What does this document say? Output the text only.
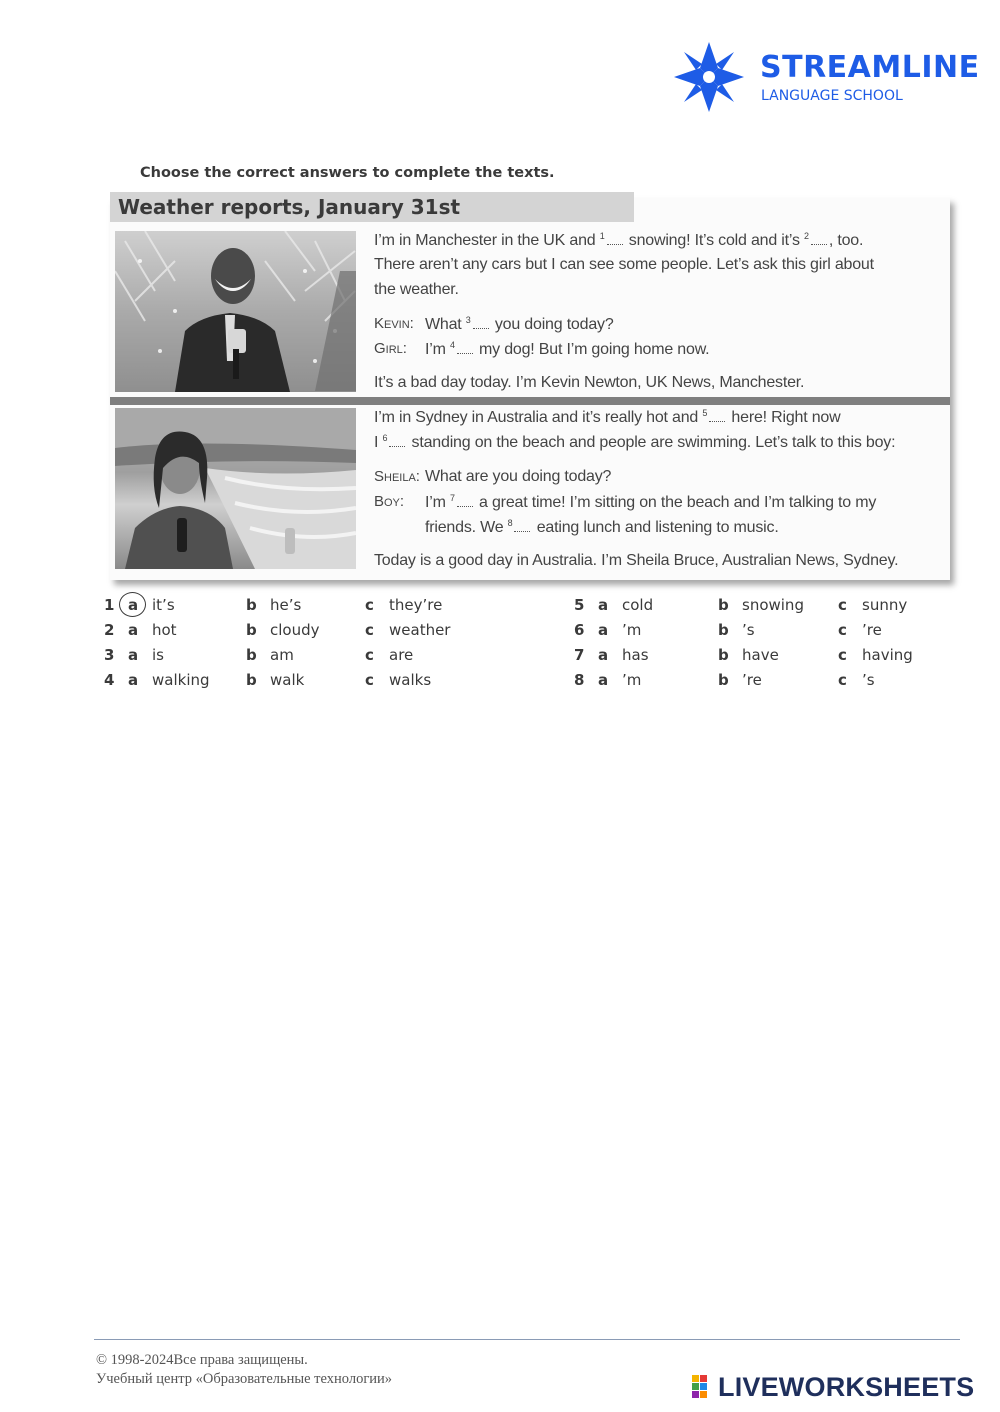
STREAMLINE
LANGUAGE SCHOOL
Choose the correct answers to complete the texts.
Weather reports, January 31st
I’m in Manchester in the UK and $^1$ snowing! It’s cold and it’s $^2$ , too.
There aren’t any cars but I can see some people. Let’s ask this girl about
the weather.
Kevin: What $^3$ you doing today?
Girl: I’m $^4$ my dog! But I’m going home now.
It’s a bad day today. I’m Kevin Newton, UK News, Manchester.
I’m in Sydney in Australia and it’s really hot and $^5$ here! Right now
I $^6$ standing on the beach and people are swimming. Let’s talk to this boy:
Sheila: What are you doing today?
Boy: I’m $^7$ a great time! I’m sitting on the beach and I’m talking to my
friends. We $^8$ eating lunch and listening to music.
Today is a good day in Australia. I’m Sheila Bruce, Australian News, Sydney.
1 a it’s	b he’s	c they’re
2 a hot	b cloudy	c weather
3 a is	b am	c are
4 a walking b walk	c walks
5 a cold	b snowing c sunny
6 a ’m	b ’s	c ’re
7 a has	b have	c having
8 a ’m	b ’re	c ’s
© 1998-2024Все права защищены.
Учебный центр «Образовательные технологии»	LIVEWORKSHEETS
